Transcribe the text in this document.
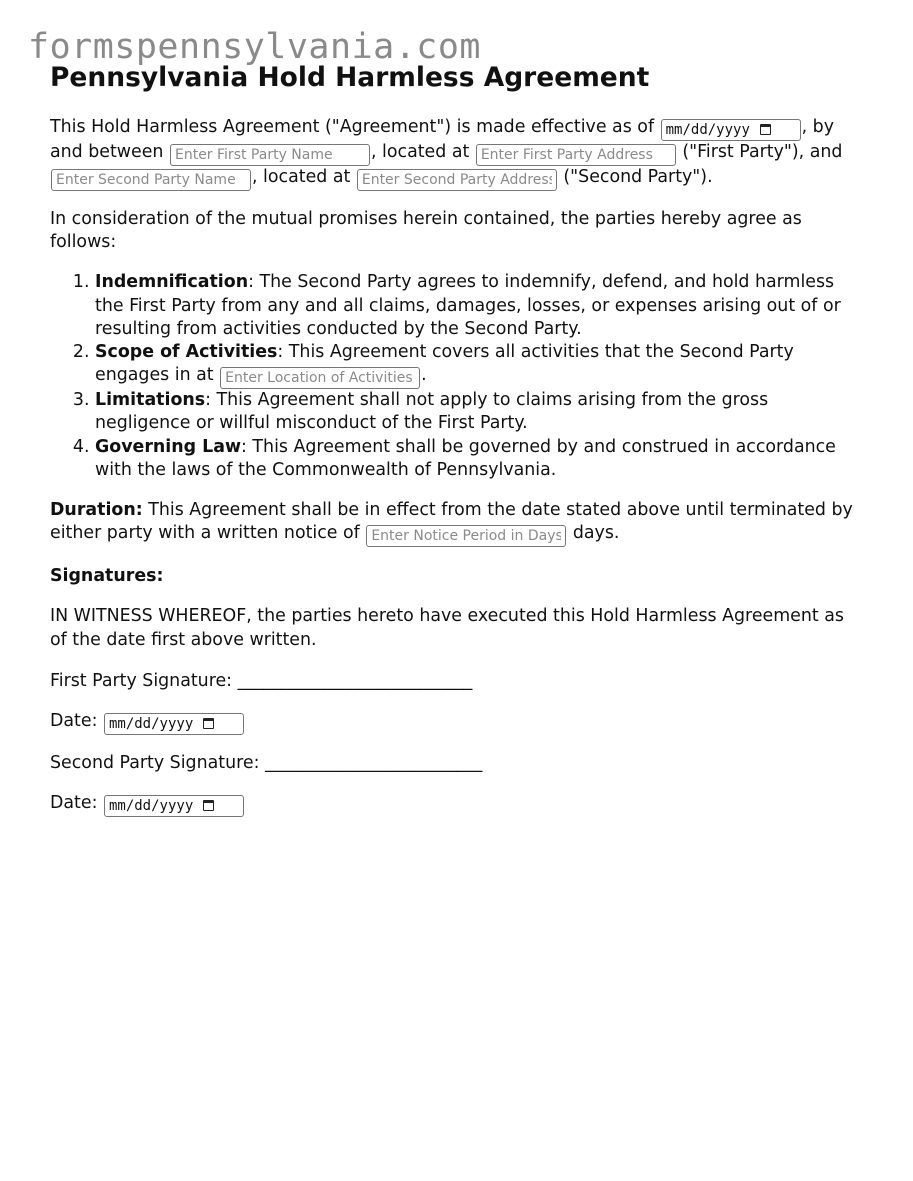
formspennsylvania.com
Pennsylvania Hold Harmless Agreement

This Hold Harmless Agreement ("Agreement") is made effective as of mm/dd/yyyy	, by and between Enter First Party Name	, located at Enter First Party Address	("First Party"), and Enter Second Party Name, located at Enter Second Party Address	("Second Party").

In consideration of the mutual promises herein contained, the parties hereby agree as follows:

1. Indemnification: The Second Party agrees to indemnify, defend, and hold harmless the First Party from any and all claims, damages, losses, or expenses arising out of or resulting from activities conducted by the Second Party.
2. Scope of Activities: This Agreement covers all activities that the Second Party engages in at Enter Location of Activities	.
3. Limitations: This Agreement shall not apply to claims arising from the gross negligence or willful misconduct of the First Party.
4. Governing Law: This Agreement shall be governed by and construed in accordance with the laws of the Commonwealth of Pennsylvania.

Duration: This Agreement shall be in effect from the date stated above until terminated by either party with a written notice of Enter Notice Period in Days	days.

Signatures:

IN WITNESS WHEREOF, the parties hereto have executed this Hold Harmless Agreement as of the date first above written.

First Party Signature: ___________________________

Date: mm/dd/yyyy

Second Party Signature: _________________________

Date: mm/dd/yyyy
